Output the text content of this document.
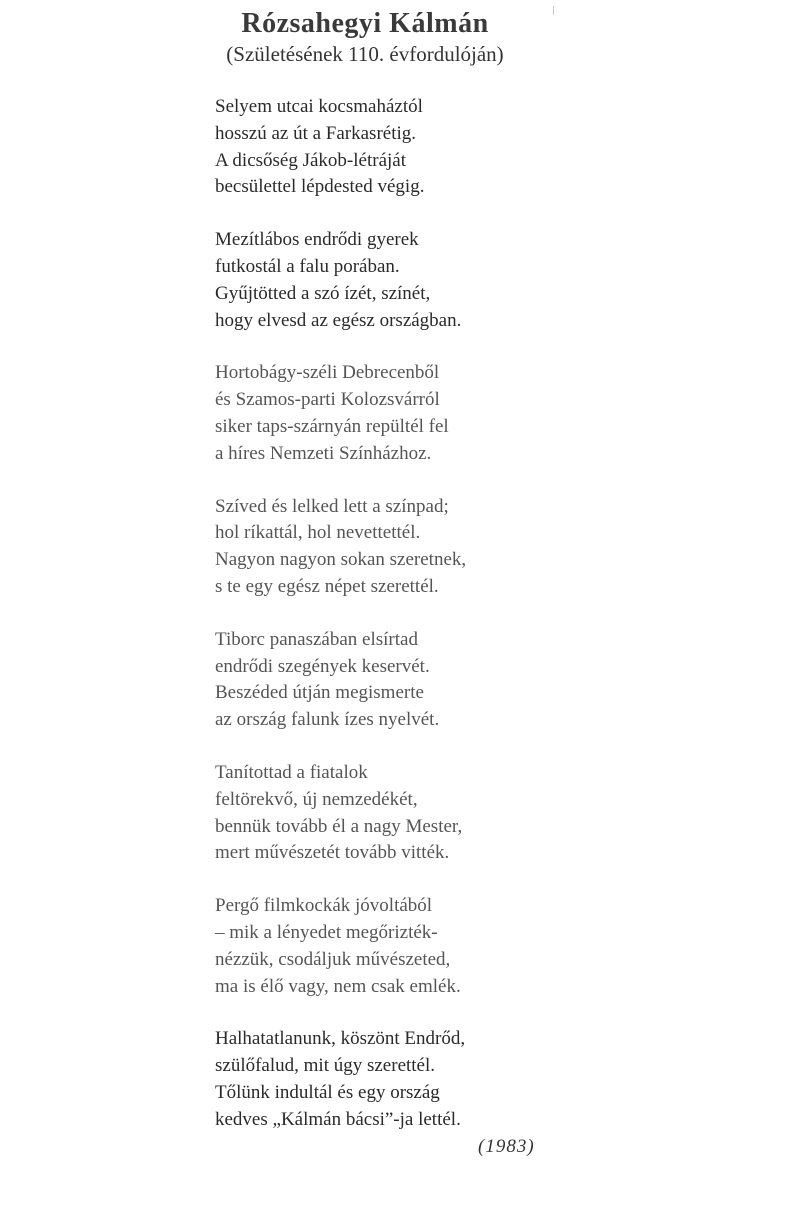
Rózsahegyi Kálmán
(Születésének 110. évfordulóján)
Selyem utcai kocsmaháztól
hosszú az út a Farkasrétig.
A dicsőség Jákob-létráját
becsülettel lépdested végig.
Mezítlábos endrődi gyerek
futkostál a falu porában.
Gyűjtötted a szó ízét, színét,
hogy elvesd az egész országban.
Hortobágy-széli Debrecenből
és Szamos-parti Kolozsvárról
siker taps-szárnyán repültél fel
a híres Nemzeti Színházhoz.
Szíved és lelked lett a színpad;
hol ríkattál, hol nevettettél.
Nagyon nagyon sokan szeretnek,
s te egy egész népet szerettél.
Tiborc panaszában elsírtad
endrődi szegények keservét.
Beszéded útján megismerte
az ország falunk ízes nyelvét.
Tanítottad a fiatalok
feltörekvő, új nemzedékét,
bennük tovább él a nagy Mester,
mert művészetét tovább vitték.
Pergő filmkockák jóvoltából
– mik a lényedet megőrizték-
nézzük, csodáljuk művészeted,
ma is élő vagy, nem csak emlék.
Halhatatlanunk, köszönt Endrőd,
szülőfalud, mit úgy szerettél.
Tőlünk indultál és egy ország
kedves „Kálmán bácsi”-ja lettél.
(1983)
